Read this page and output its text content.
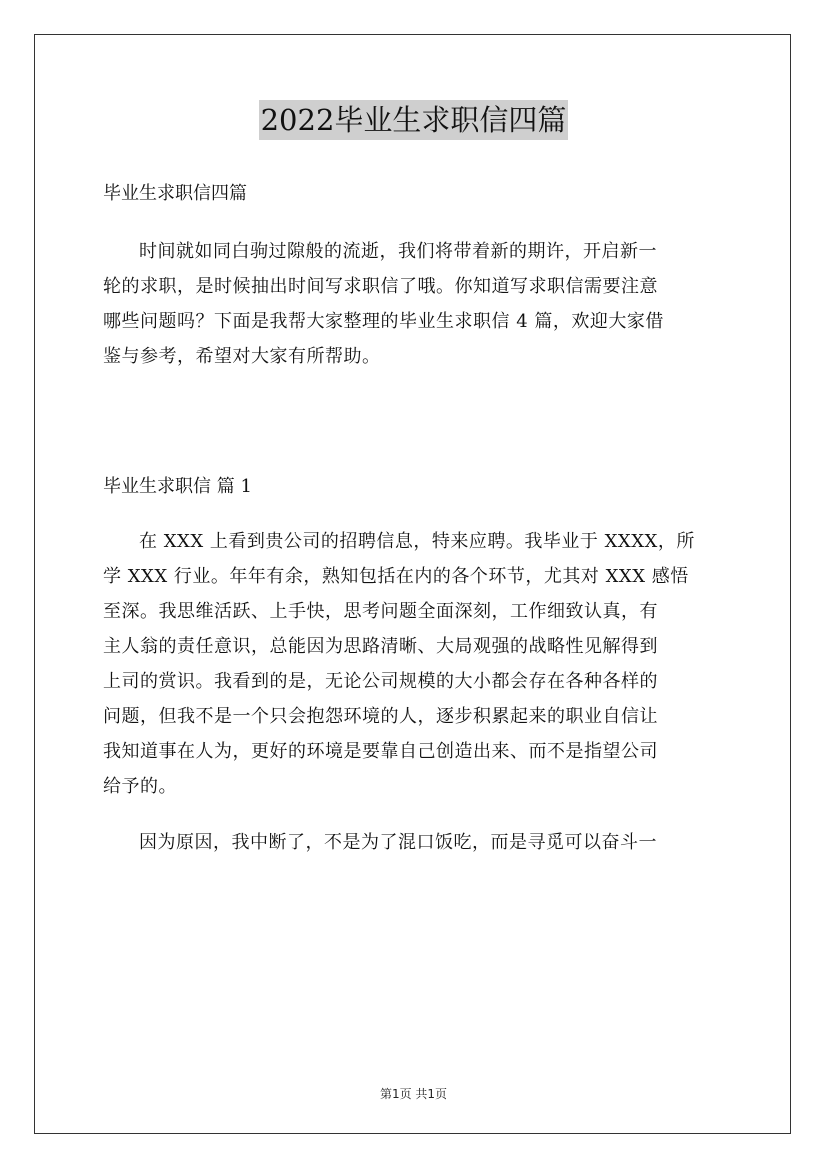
2022毕业生求职信四篇

毕业生求职信四篇

时间就如同白驹过隙般的流逝，我们将带着新的期许，开启新一
轮的求职，是时候抽出时间写求职信了哦。你知道写求职信需要注意
哪些问题吗？下面是我帮大家整理的毕业生求职信 4 篇，欢迎大家借
鉴与参考，希望对大家有所帮助。

毕业生求职信 篇 1

在 XXX 上看到贵公司的招聘信息，特来应聘。我毕业于 XXXX，所
学 XXX 行业。年年有余，熟知包括在内的各个环节，尤其对 XXX 感悟
至深。我思维活跃、上手快，思考问题全面深刻，工作细致认真，有
主人翁的责任意识，总能因为思路清晰、大局观强的战略性见解得到
上司的赏识。我看到的是，无论公司规模的大小都会存在各种各样的
问题，但我不是一个只会抱怨环境的人，逐步积累起来的职业自信让
我知道事在人为，更好的环境是要靠自己创造出来、而不是指望公司
给予的。
因为原因，我中断了，不是为了混口饭吃，而是寻觅可以奋斗一
第1页 共1页
